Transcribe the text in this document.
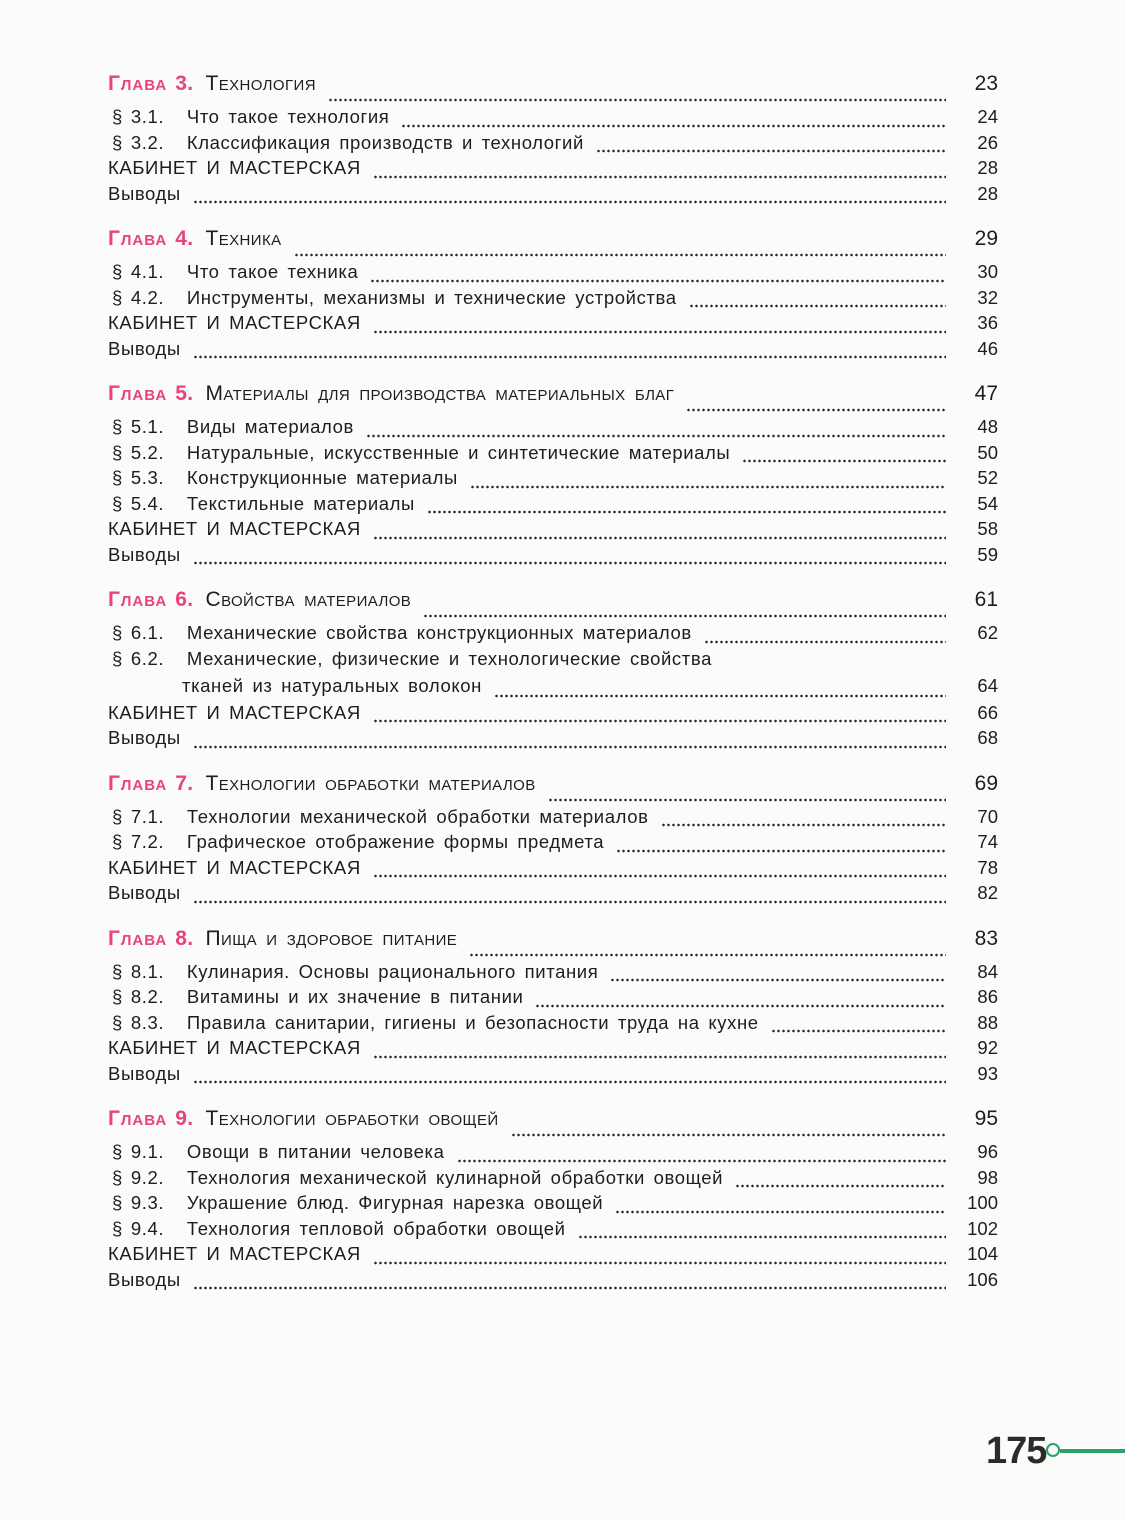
Глава 3. Технология	23
§ 3.1.	Что такое технология	24
§ 3.2.	Классификация производств и технологий	26
КАБИНЕТ И МАСТЕРСКАЯ	28
Выводы	28
Глава 4. Техника	29
§ 4.1.	Что такое техника	30
§ 4.2.	Инструменты, механизмы и технические устройства	32
КАБИНЕТ И МАСТЕРСКАЯ	36
Выводы	46
Глава 5. Материалы для производства материальных благ	47
§ 5.1.	Виды материалов	48
§ 5.2.	Натуральные, искусственные и синтетические материалы	50
§ 5.3.	Конструкционные материалы	52
§ 5.4.	Текстильные материалы	54
КАБИНЕТ И МАСТЕРСКАЯ	58
Выводы	59
Глава 6. Свойства материалов	61
§ 6.1.	Механические свойства конструкционных материалов	62
§ 6.2.	Механические, физические и технологические свойства
тканей из натуральных волокон	64
КАБИНЕТ И МАСТЕРСКАЯ	66
Выводы	68
Глава 7. Технологии обработки материалов	69
§ 7.1.	Технологии механической обработки материалов	70
§ 7.2.	Графическое отображение формы предмета	74
КАБИНЕТ И МАСТЕРСКАЯ	78
Выводы	82
Глава 8. Пища и здоровое питание	83
§ 8.1.	Кулинария. Основы рационального питания	84
§ 8.2.	Витамины и их значение в питании	86
§ 8.3.	Правила санитарии, гигиены и безопасности труда на кухне	88
КАБИНЕТ И МАСТЕРСКАЯ	92
Выводы	93
Глава 9. Технологии обработки овощей	95
§ 9.1.	Овощи в питании человека	96
§ 9.2.	Технология механической кулинарной обработки овощей	98
§ 9.3.	Украшение блюд. Фигурная нарезка овощей	100
§ 9.4.	Технология тепловой обработки овощей	102
КАБИНЕТ И МАСТЕРСКАЯ	104
Выводы	106
175
